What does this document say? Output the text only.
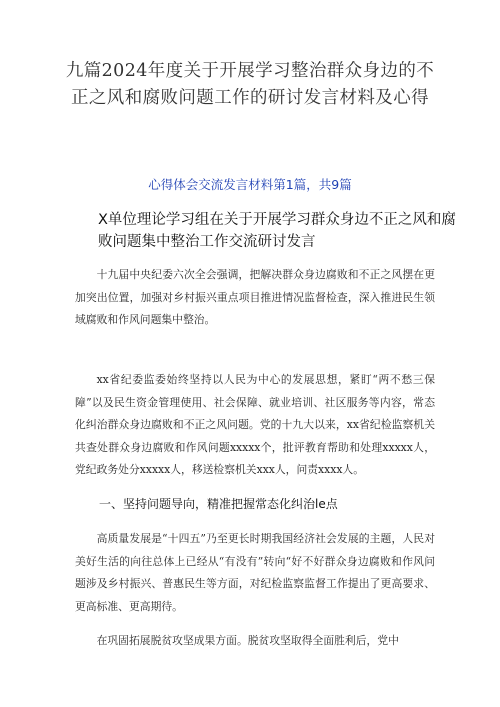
九篇2024年度关于开展学习整治群众身边的不正之风和腐败问题工作的研讨发言材料及心得
心得体会交流发言材料第1篇，共9篇
X单位理论学习组在关于开展学习群众身边不正之风和腐败问题集中整治工作交流研讨发言

十九届中央纪委六次全会强调，把解决群众身边腐败和不正之风摆在更加突出位置，加强对乡村振兴重点项目推进情况监督检查，深入推进民生领域腐败和作风问题集中整治。

xx省纪委监委始终坚持以人民为中心的发展思想，紧盯“两不愁三保障”以及民生资金管理使用、社会保障、就业培训、社区服务等内容，常态化纠治群众身边腐败和不正之风问题。党的十九大以来，xx省纪检监察机关共查处群众身边腐败和作风问题xxxxx个，批评教育帮助和处理xxxxx人，党纪政务处分xxxxx人，移送检察机关xxx人，问责xxxx人。

一、坚持问题导向，精准把握常态化纠治le点

高质量发展是“十四五”乃至更长时期我国经济社会发展的主题，人民对美好生活的向往总体上已经从“有没有”转向“好不好群众身边腐败和作风问题涉及乡村振兴、普惠民生等方面，对纪检监察监督工作提出了更高要求、更高标准、更高期待。

在巩固拓展脱贫攻坚成果方面。脱贫攻坚取得全面胜利后，党中
